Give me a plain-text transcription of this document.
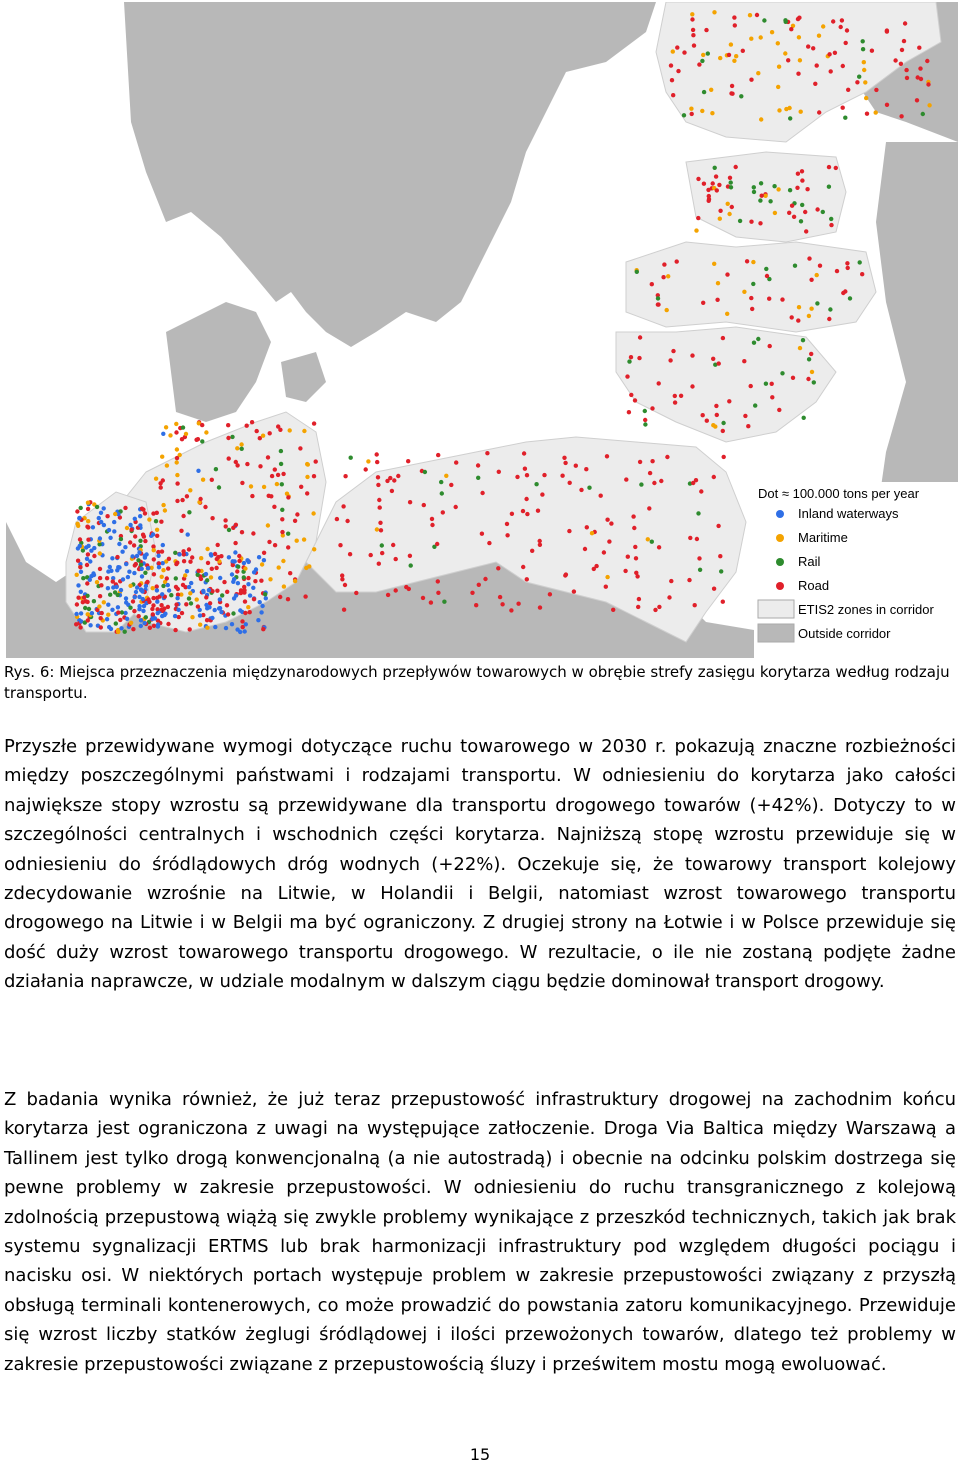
Dot ≈ 100.000 tons per year
Inland waterways
Maritime
Rail
Road
ETIS2 zones in corridor
Outside corridor

Rys. 6: Miejsca przeznaczenia międzynarodowych przepływów towarowych w obrębie strefy zasięgu korytarza według rodzaju transportu.

Przyszłe przewidywane wymogi dotyczące ruchu towarowego w 2030 r. pokazują znaczne rozbieżności między poszczególnymi państwami i rodzajami transportu. W odniesieniu do korytarza jako całości największe stopy wzrostu są przewidywane dla transportu drogowego towarów (+42%). Dotyczy to w szczególności centralnych i wschodnich części korytarza. Najniższą stopę wzrostu przewiduje się w odniesieniu do śródlądowych dróg wodnych (+22%). Oczekuje się, że towarowy transport kolejowy zdecydowanie wzrośnie na Litwie, w Holandii i Belgii, natomiast wzrost towarowego transportu drogowego na Litwie i w Belgii ma być ograniczony. Z drugiej strony na Łotwie i w Polsce przewiduje się dość duży wzrost towarowego transportu drogowego. W rezultacie, o ile nie zostaną podjęte żadne działania naprawcze, w udziale modalnym w dalszym ciągu będzie dominował transport drogowy.

Z badania wynika również, że już teraz przepustowość infrastruktury drogowej na zachodnim końcu korytarza jest ograniczona z uwagi na występujące zatłoczenie. Droga Via Baltica między Warszawą a Tallinem jest tylko drogą konwencjonalną (a nie autostradą) i obecnie na odcinku polskim dostrzega się pewne problemy w zakresie przepustowości. W odniesieniu do ruchu transgranicznego z kolejową zdolnością przepustową wiążą się zwykle problemy wynikające z przeszkód technicznych, takich jak brak systemu sygnalizacji ERTMS lub brak harmonizacji infrastruktury pod względem długości pociągu i nacisku osi. W niektórych portach występuje problem w zakresie przepustowości związany z przyszłą obsługą terminali kontenerowych, co może prowadzić do powstania zatoru komunikacyjnego. Przewiduje się wzrost liczby statków żeglugi śródlądowej i ilości przewożonych towarów, dlatego też problemy w zakresie przepustowości związane z przepustowością śluzy i prześwitem mostu mogą ewoluować.

15
